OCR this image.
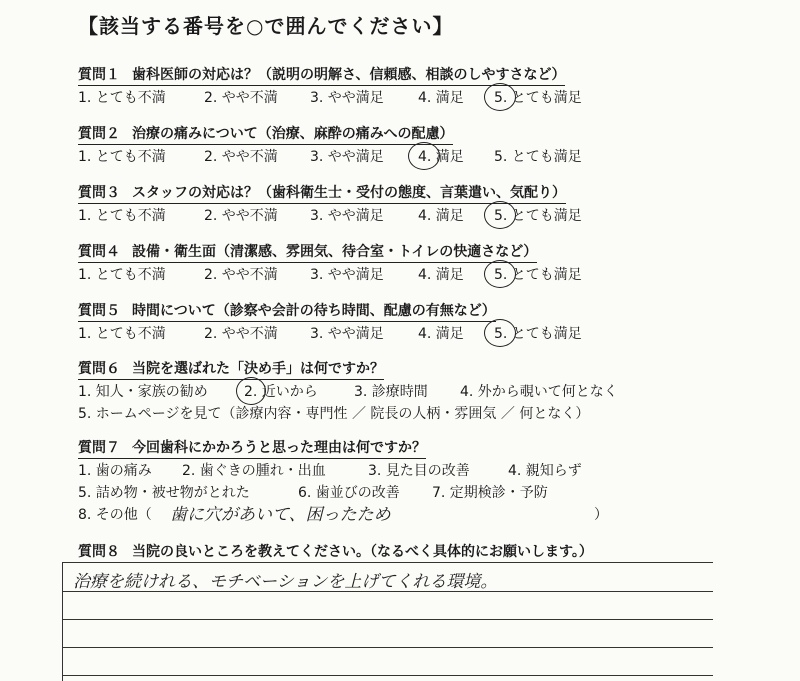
【該当する番号を○で囲んでください】
質問１ 歯科医師の対応は？（説明の明解さ、信頼感、相談のしやすさなど）
1. とても不満	2. やや不満 3. やや満足 4. 満足 5. とても満足
質問２ 治療の痛みについて（治療、麻酔の痛みへの配慮）
1. とても不満	2. やや不満 3. やや満足 4. 満足 5. とても満足
質問３ スタッフの対応は？（歯科衛生士・受付の態度、言葉遣い、気配り）
1. とても不満	2. やや不満 3. やや満足 4. 満足 5. とても満足
質問４ 設備・衛生面（清潔感、雰囲気、待合室・トイレの快適さなど）
1. とても不満	2. やや不満 3. やや満足 4. 満足 5. とても満足
質問５ 時間について（診察や会計の待ち時間、配慮の有無など）
1. とても不満	2. やや不満 3. やや満足 4. 満足 5. とても満足
質問６ 当院を選ばれた「決め手」は何ですか？
1. 知人・家族の勧め	2. 近いから	3. 診療時間 4. 外から覗いて何となく
5. ホームページを見て（診療内容・専門性 ／ 院長の人柄・雰囲気 ／ 何となく）
質問７ 今回歯科にかかろうと思った理由は何ですか？
1. 歯の痛み 2. 歯ぐきの腫れ・出血	3. 見た目の改善	4. 親知らず
5. 詰め物・被せ物がとれた	6. 歯並びの改善 7. 定期検診・予防
8. その他（ 歯に穴があいて、困ったため	）
質問８ 当院の良いところを教えてください。（なるべく具体的にお願いします。）
治療を続けれる、モチベーションを上げてくれる環境。
